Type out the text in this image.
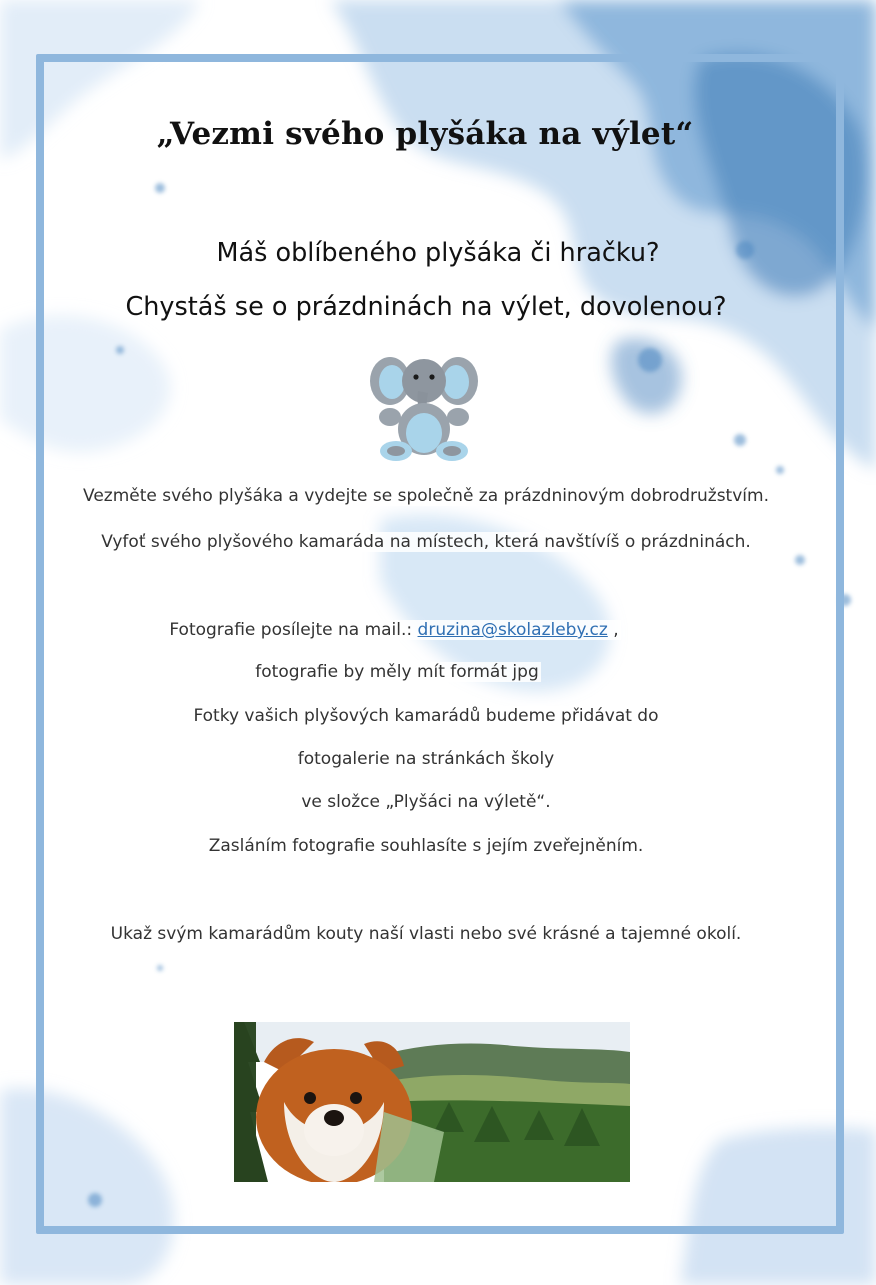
„Vezmi svého plyšáka na výlet“
Máš oblíbeného plyšáka či hračku?
Chystáš se o prázdninách na výlet, dovolenou?
Vezměte svého plyšáka a vydejte se společně za prázdninovým dobrodružstvím.
Vyfoť svého plyšového kamaráda na místech, která navštívíš o prázdninách.
Fotografie posílejte na mail.: druzina@skolazleby.cz ,
fotografie by měly mít formát jpg
Fotky vašich plyšových kamarádů budeme přidávat do
fotogalerie na stránkách školy
ve složce „Plyšáci na výletě“.
Zasláním fotografie souhlasíte s jejím zveřejněním.
Ukaž svým kamarádům kouty naší vlasti nebo své krásné a tajemné okolí.
